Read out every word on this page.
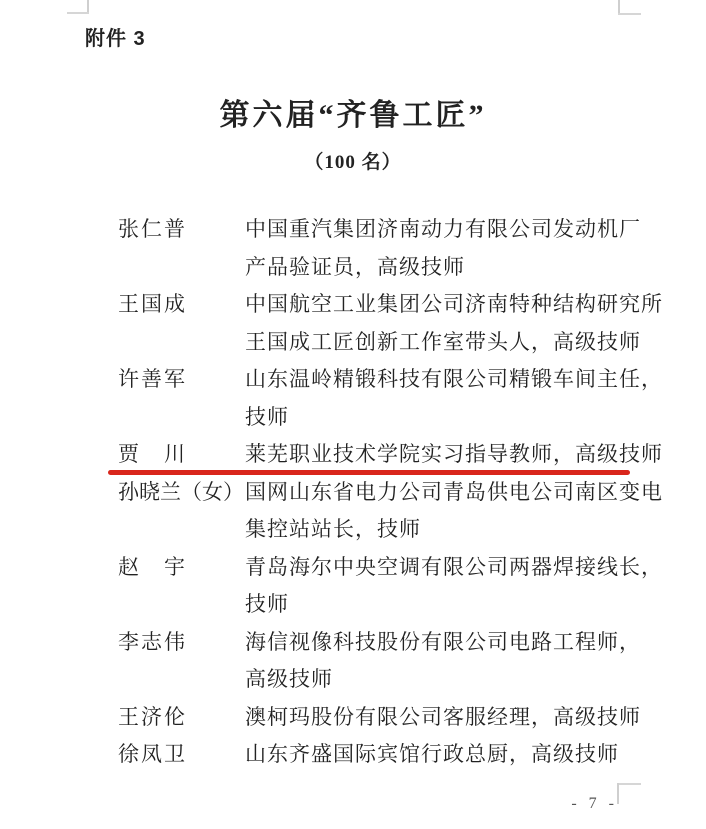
附件 3
第六届“齐鲁工匠”
（100 名）
张仁普	中国重汽集团济南动力有限公司发动机厂
产品验证员，高级技师
王国成	中国航空工业集团公司济南特种结构研究所
王国成工匠创新工作室带头人，高级技师
许善军	山东温岭精锻科技有限公司精锻车间主任，
技师
贾　川	莱芜职业技术学院实习指导教师，高级技师
孙晓兰（女） 国网山东省电力公司青岛供电公司南区变电
集控站站长，技师
赵　宇	青岛海尔中央空调有限公司两器焊接线长，
技师
李志伟	海信视像科技股份有限公司电路工程师，
高级技师
王济伦	澳柯玛股份有限公司客服经理，高级技师
徐凤卫	山东齐盛国际宾馆行政总厨，高级技师
- 7 -
